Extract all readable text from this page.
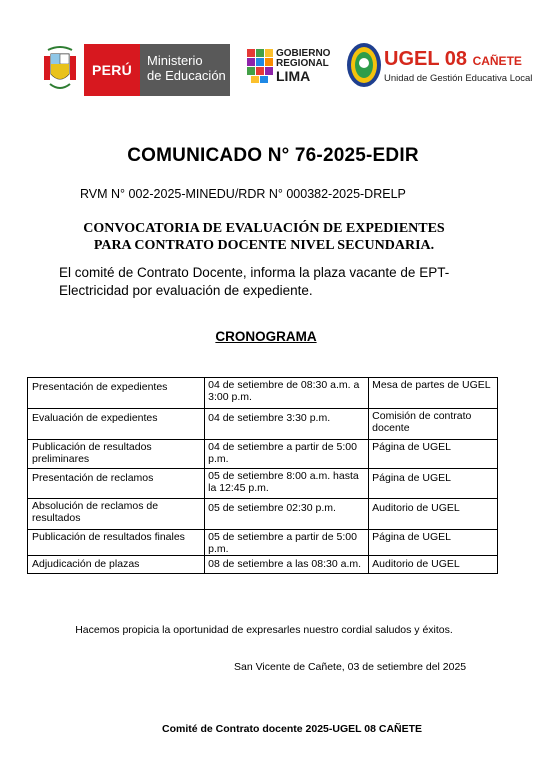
PERÚ
Ministerio
de Educación
GOBIERNO
REGIONAL
LIMA
UGEL 08 CAÑETE
Unidad de Gestión Educativa Local
COMUNICADO N° 76-2025-EDIR
RVM N° 002-2025-MINEDU/RDR N° 000382-2025-DRELP
CONVOCATORIA DE EVALUACIÓN DE EXPEDIENTES
PARA CONTRATO DOCENTE NIVEL SECUNDARIA.
El comité de Contrato Docente, informa la plaza vacante de EPT-Electricidad por evaluación de expediente.
CRONOGRAMA
Presentación de expedientes	04 de setiembre de 08:30 a.m. a 3:00 p.m.	Mesa de partes de UGEL
Evaluación de expedientes	04 de setiembre 3:30 p.m.	Comisión de contrato docente
Publicación de resultados preliminares	04 de setiembre a partir de 5:00 p.m.	Página de UGEL
Presentación de reclamos	05 de setiembre 8:00 a.m. hasta la 12:45 p.m.	Página de UGEL
Absolución de reclamos de resultados	05 de setiembre 02:30 p.m.	Auditorio de UGEL
Publicación de resultados finales	05 de setiembre a partir de 5:00 p.m.	Página de UGEL
Adjudicación de plazas	08 de setiembre a las 08:30 a.m.	Auditorio de UGEL
Hacemos propicia la oportunidad de expresarles nuestro cordial saludos y éxitos.
San Vicente de Cañete, 03 de setiembre del 2025
Comité de Contrato docente 2025-UGEL 08 CAÑETE
